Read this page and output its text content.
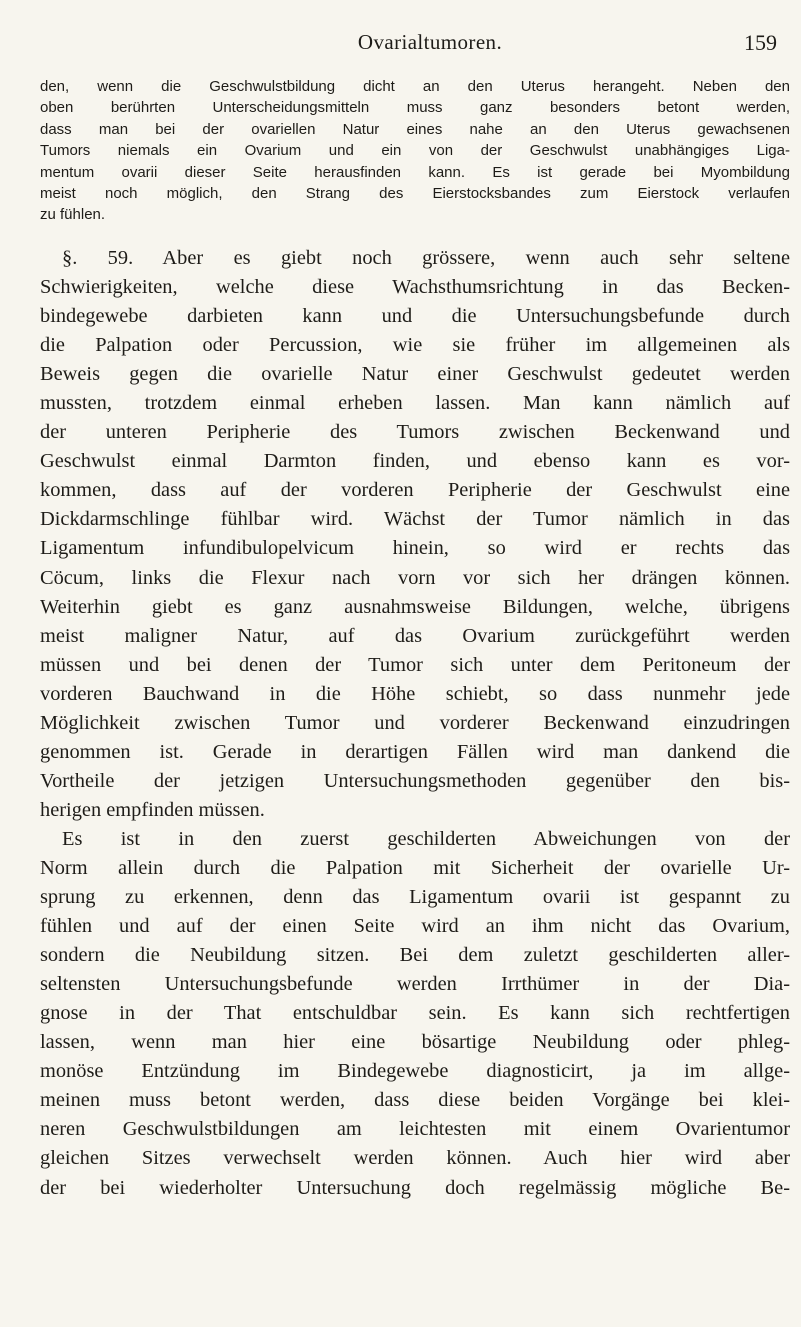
Ovarialtumoren.	159
den, wenn die Geschwulstbildung dicht an den Uterus herangeht. Neben den
oben berührten Unterscheidungsmitteln muss ganz besonders betont werden,
dass man bei der ovariellen Natur eines nahe an den Uterus gewachsenen
Tumors niemals ein Ovarium und ein von der Geschwulst unabhängiges Liga-
mentum ovarii dieser Seite herausfinden kann. Es ist gerade bei Myombildung
meist noch möglich, den Strang des Eierstocksbandes zum Eierstock verlaufen
zu fühlen.
§. 59. Aber es giebt noch grössere, wenn auch sehr seltene
Schwierigkeiten, welche diese Wachsthumsrichtung in das Becken-
bindegewebe darbieten kann und die Untersuchungsbefunde durch
die Palpation oder Percussion, wie sie früher im allgemeinen als
Beweis gegen die ovarielle Natur einer Geschwulst gedeutet werden
mussten, trotzdem einmal erheben lassen. Man kann nämlich auf
der unteren Peripherie des Tumors zwischen Beckenwand und
Geschwulst einmal Darmton finden, und ebenso kann es vor-
kommen, dass auf der vorderen Peripherie der Geschwulst eine
Dickdarmschlinge fühlbar wird. Wächst der Tumor nämlich in das
Ligamentum infundibulopelvicum hinein, so wird er rechts das
Cöcum, links die Flexur nach vorn vor sich her drängen können.
Weiterhin giebt es ganz ausnahmsweise Bildungen, welche, übrigens
meist maligner Natur, auf das Ovarium zurückgeführt werden
müssen und bei denen der Tumor sich unter dem Peritoneum der
vorderen Bauchwand in die Höhe schiebt, so dass nunmehr jede
Möglichkeit zwischen Tumor und vorderer Beckenwand einzudringen
genommen ist. Gerade in derartigen Fällen wird man dankend die
Vortheile der jetzigen Untersuchungsmethoden gegenüber den bis-
herigen empfinden müssen.
Es ist in den zuerst geschilderten Abweichungen von der
Norm allein durch die Palpation mit Sicherheit der ovarielle Ur-
sprung zu erkennen, denn das Ligamentum ovarii ist gespannt zu
fühlen und auf der einen Seite wird an ihm nicht das Ovarium,
sondern die Neubildung sitzen. Bei dem zuletzt geschilderten aller-
seltensten Untersuchungsbefunde werden Irrthümer in der Dia-
gnose in der That entschuldbar sein. Es kann sich rechtfertigen
lassen, wenn man hier eine bösartige Neubildung oder phleg-
monöse Entzündung im Bindegewebe diagnosticirt, ja im allge-
meinen muss betont werden, dass diese beiden Vorgänge bei klei-
neren Geschwulstbildungen am leichtesten mit einem Ovarientumor
gleichen Sitzes verwechselt werden können. Auch hier wird aber
der bei wiederholter Untersuchung doch regelmässig mögliche Be-
